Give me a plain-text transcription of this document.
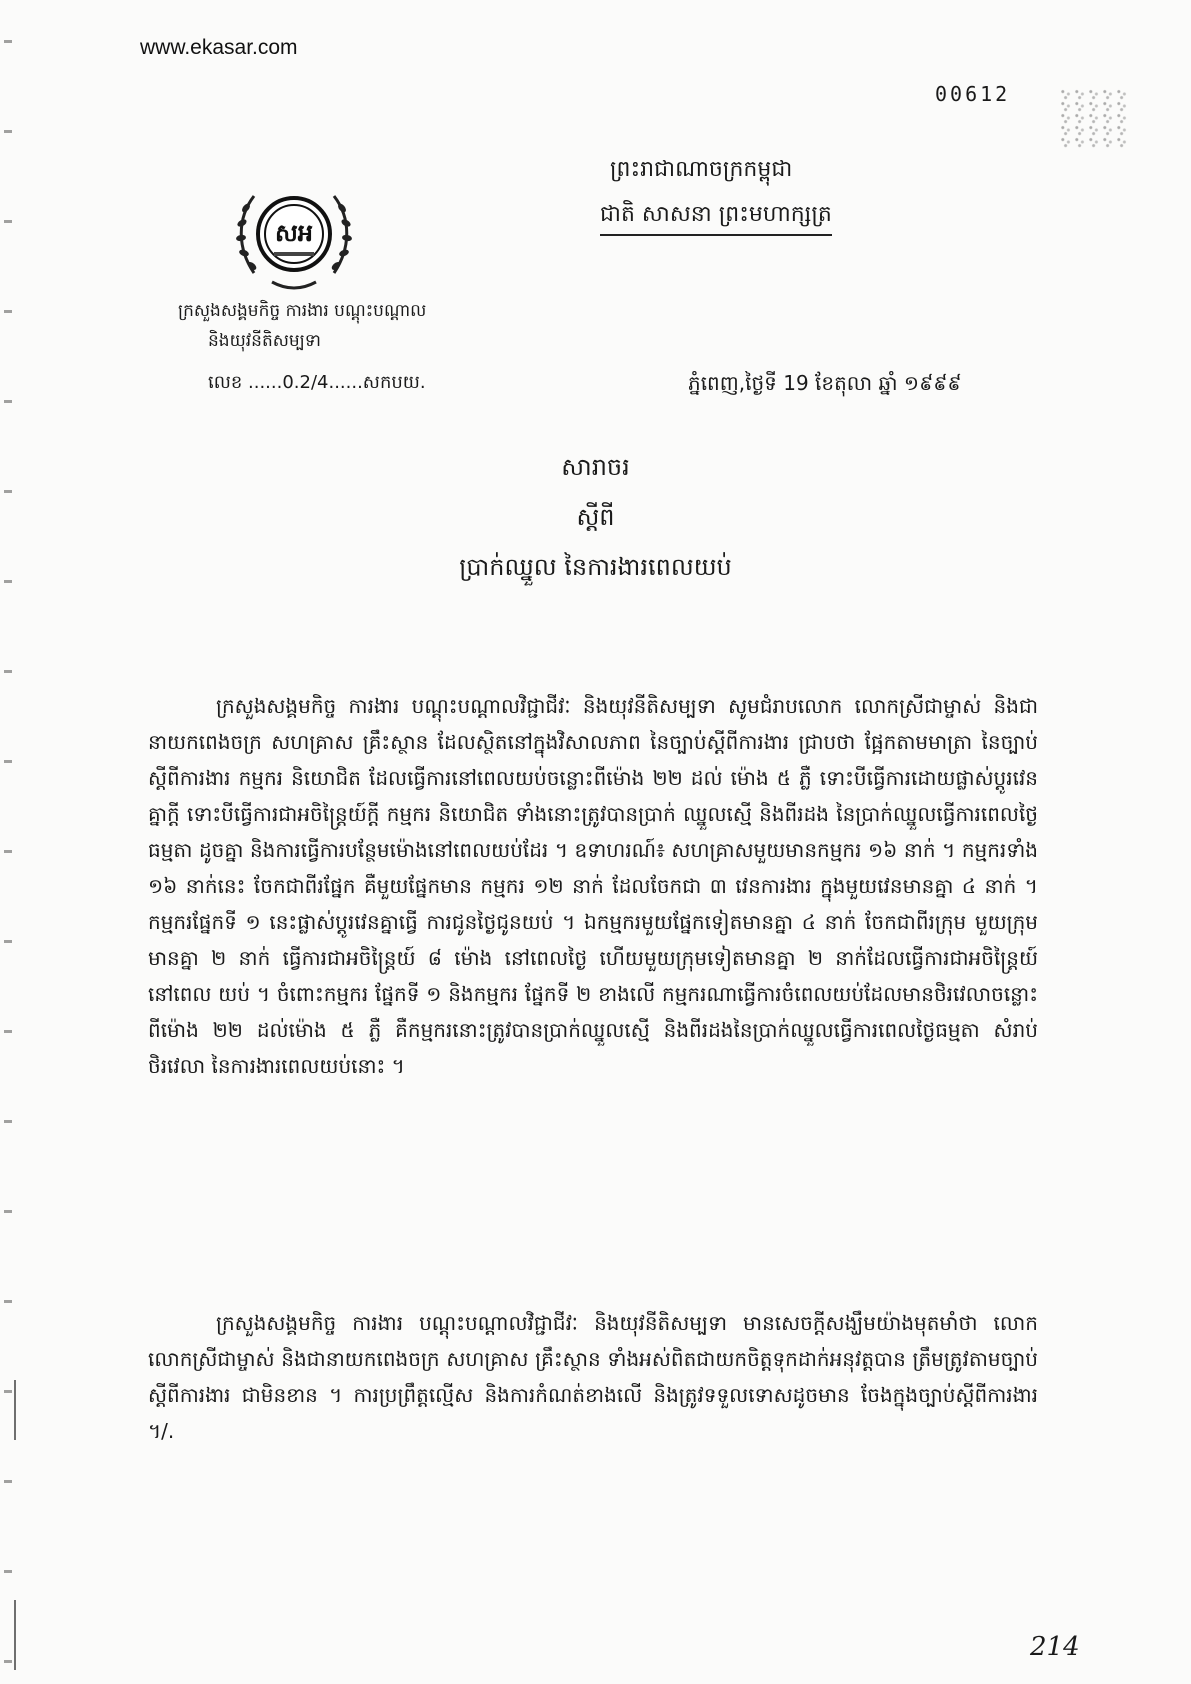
www.ekasar.com
00612
ព្រះរាជាណាចក្រកម្ពុជា
ជាតិ សាសនា ព្រះមហាក្សត្រ
សអ
ក្រសួងសង្គមកិច្ច ការងារ បណ្តុះបណ្តាល
និងយុវនីតិសម្បទា
លេខ ......0.2/4......សកបយ.	ភ្នំពេញ,ថ្ងៃទី 19 ខែតុលា ឆ្នាំ ១៩៩៩
សារាចរ
ស្តីពី
ប្រាក់ឈ្នួល នៃការងារពេលយប់
ក្រសួងសង្គមកិច្ច ការងារ បណ្តុះបណ្តាលវិជ្ជាជីវៈ និងយុវនីតិសម្បទា សូមជំរាបលោក លោកស្រីជាម្ចាស់ និងជានាយកពេងចក្រ សហគ្រាស គ្រឹះស្ថាន ដែលស្ថិតនៅក្នុងវិសាលភាព នៃច្បាប់ស្តីពីការងារ ជ្រាបថា ផ្អែកតាមមាត្រា នៃច្បាប់ស្តីពីការងារ កម្មករ និយោជិត ដែលធ្វើការនៅពេលយប់ចន្លោះពីម៉ោង ២២ ដល់ ម៉ោង ៥ ភ្លឺ ទោះបីធ្វើការដោយផ្លាស់ប្តូរវេនគ្នាក្តី ទោះបីធ្វើការជាអចិន្ត្រៃយ៍ក្តី កម្មករ និយោជិត ទាំងនោះត្រូវបានប្រាក់ ឈ្នួលស្មើ និងពីរដង នៃប្រាក់ឈ្នួលធ្វើការពេលថ្ងៃធម្មតា ដូចគ្នា និងការធ្វើការបន្ថែមម៉ោងនៅពេលយប់ដែរ ។ ឧទាហរណ៍៖ សហគ្រាសមួយមានកម្មករ ១៦ នាក់ ។ កម្មករទាំង ១៦ នាក់នេះ ចែកជាពីរផ្នែក គឺមួយផ្នែកមាន កម្មករ ១២ នាក់ ដែលចែកជា ៣ វេនការងារ ក្នុងមួយវេនមានគ្នា ៤ នាក់ ។ កម្មករផ្នែកទី ១ នេះផ្លាស់ប្តូរវេនគ្នាធ្វើ ការជូនថ្ងៃជូនយប់ ។ ឯកម្មករមួយផ្នែកទៀតមានគ្នា ៤ នាក់ ចែកជាពីរក្រុម មួយក្រុមមានគ្នា ២ នាក់ ធ្វើការជាអចិន្ត្រៃយ៍ ៨ ម៉ោង នៅពេលថ្ងៃ ហើយមួយក្រុមទៀតមានគ្នា ២ នាក់ដែលធ្វើការជាអចិន្ត្រៃយ៍នៅពេល យប់ ។ ចំពោះកម្មករ ផ្នែកទី ១ និងកម្មករ ផ្នែកទី ២ ខាងលើ កម្មករណាធ្វើការចំពេលយប់ដែលមានថិរវេលាចន្លោះ ពីម៉ោង ២២ ដល់ម៉ោង ៥ ភ្លឺ គឺកម្មករនោះត្រូវបានប្រាក់ឈ្នួលស្មើ និងពីរដងនៃប្រាក់ឈ្នួលធ្វើការពេលថ្ងៃធម្មតា សំរាប់ថិរវេលា នៃការងារពេលយប់នោះ ។
ក្រសួងសង្គមកិច្ច ការងារ បណ្តុះបណ្តាលវិជ្ជាជីវៈ និងយុវនីតិសម្បទា មានសេចក្តីសង្ឃឹមយ៉ាងមុតមាំថា លោក លោកស្រីជាម្ចាស់ និងជានាយកពេងចក្រ សហគ្រាស គ្រឹះស្ថាន ទាំងអស់ពិតជាយកចិត្តទុកដាក់អនុវត្តបាន ត្រឹមត្រូវតាមច្បាប់ស្តីពីការងារ ជាមិនខាន ។ ការប្រព្រឹត្តល្មើស និងការកំណត់ខាងលើ និងត្រូវទទួលទោសដូចមាន ចែងក្នុងច្បាប់ស្តីពីការងារ ។/.
214
